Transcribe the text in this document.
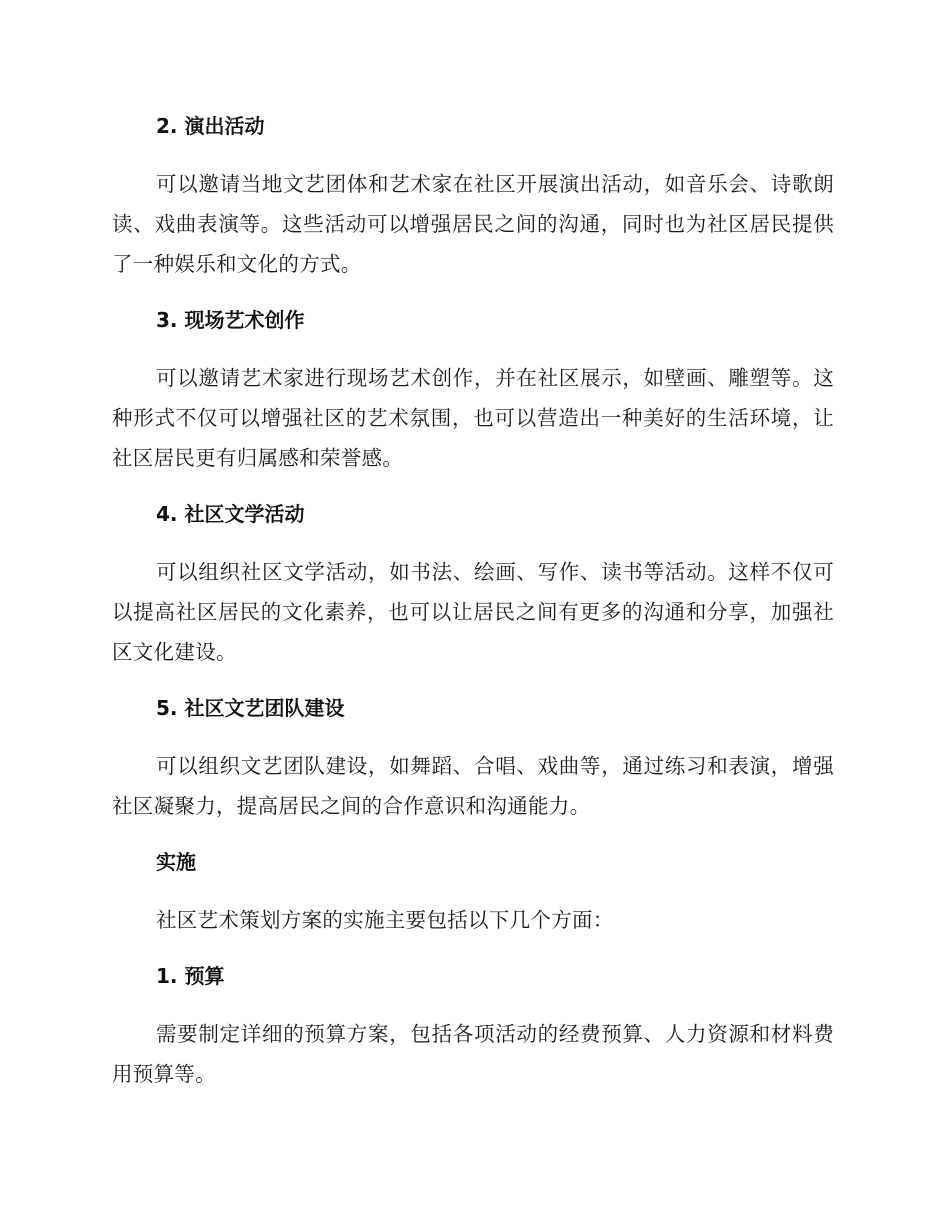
2. 演出活动

可以邀请当地文艺团体和艺术家在社区开展演出活动，如音乐会、诗歌朗读、戏曲表演等。这些活动可以增强居民之间的沟通，同时也为社区居民提供了一种娱乐和文化的方式。

3. 现场艺术创作

可以邀请艺术家进行现场艺术创作，并在社区展示，如壁画、雕塑等。这种形式不仅可以增强社区的艺术氛围，也可以营造出一种美好的生活环境，让社区居民更有归属感和荣誉感。

4. 社区文学活动

可以组织社区文学活动，如书法、绘画、写作、读书等活动。这样不仅可以提高社区居民的文化素养，也可以让居民之间有更多的沟通和分享，加强社区文化建设。

5. 社区文艺团队建设

可以组织文艺团队建设，如舞蹈、合唱、戏曲等，通过练习和表演，增强社区凝聚力，提高居民之间的合作意识和沟通能力。

实施

社区艺术策划方案的实施主要包括以下几个方面：

1. 预算

需要制定详细的预算方案，包括各项活动的经费预算、人力资源和材料费用预算等。
